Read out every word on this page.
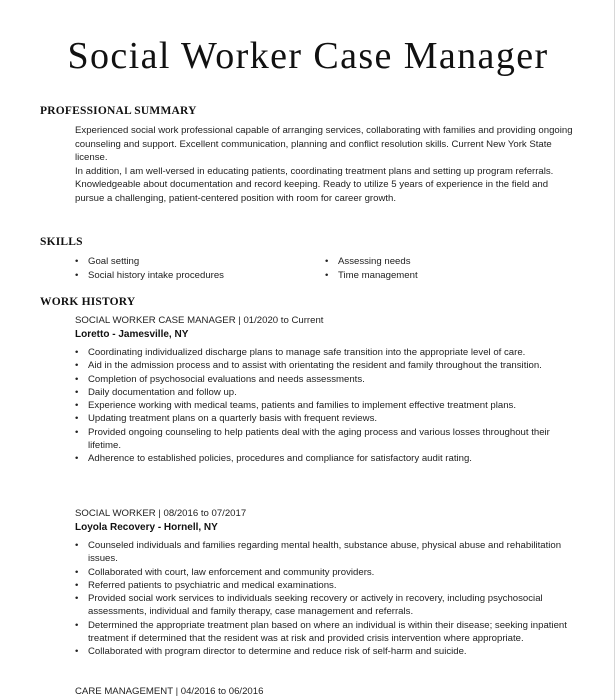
Social Worker Case Manager
PROFESSIONAL SUMMARY

Experienced social work professional capable of arranging services, collaborating with families and providing ongoing counseling and support. Excellent communication, planning and conflict resolution skills. Current New York State license.

In addition, I am well-versed in educating patients, coordinating treatment plans and setting up program referrals. Knowledgeable about documentation and record keeping. Ready to utilize 5 years of experience in the field and pursue a challenging, patient-centered position with room for career growth.

SKILLS
• Goal setting
• Social history intake procedures
• Assessing needs
• Time management
WORK HISTORY
SOCIAL WORKER CASE MANAGER | 01/2020 to Current
Loretto - Jamesville, NY
• Coordinating individualized discharge plans to manage safe transition into the appropriate level of care.
• Aid in the admission process and to assist with orientating the resident and family throughout the transition.
• Completion of psychosocial evaluations and needs assessments.
• Daily documentation and follow up.
• Experience working with medical teams, patients and families to implement effective treatment plans.
• Updating treatment plans on a quarterly basis with frequent reviews.
• Provided ongoing counseling to help patients deal with the aging process and various losses throughout their lifetime.
• Adherence to established policies, procedures and compliance for satisfactory audit rating.
SOCIAL WORKER | 08/2016 to 07/2017
Loyola Recovery - Hornell, NY
• Counseled individuals and families regarding mental health, substance abuse, physical abuse and rehabilitation issues.
• Collaborated with court, law enforcement and community providers.
• Referred patients to psychiatric and medical examinations.
• Provided social work services to individuals seeking recovery or actively in recovery, including psychosocial assessments, individual and family therapy, case management and referrals.
• Determined the appropriate treatment plan based on where an individual is within their disease; seeking inpatient treatment if determined that the resident was at risk and provided crisis intervention where appropriate.
• Collaborated with program director to determine and reduce risk of self-harm and suicide.
CARE MANAGEMENT | 04/2016 to 06/2016
